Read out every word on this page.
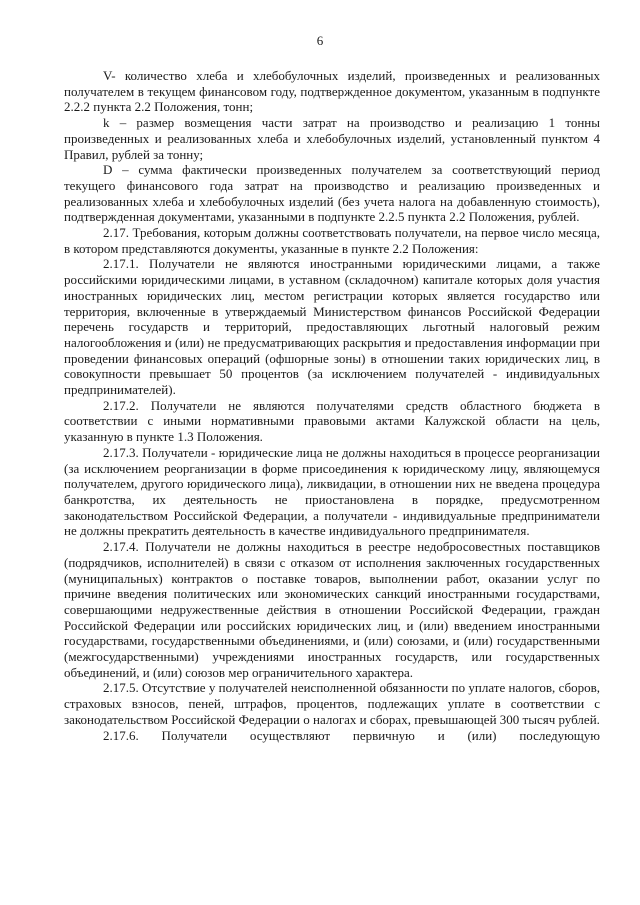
6

V- количество хлеба и хлебобулочных изделий, произведенных и реализованных получателем в текущем финансовом году, подтвержденное документом, указанным в подпункте 2.2.2 пункта 2.2 Положения, тонн;

k – размер возмещения части затрат на производство и реализацию 1 тонны произведенных и реализованных хлеба и хлебобулочных изделий, установленный пунктом 4 Правил, рублей за тонну;

D – сумма фактически произведенных получателем за соответствующий период текущего финансового года затрат на производство и реализацию произведенных и реализованных хлеба и хлебобулочных изделий (без учета налога на добавленную стоимость), подтвержденная документами, указанными в подпункте 2.2.5 пункта 2.2 Положения, рублей.

2.17. Требования, которым должны соответствовать получатели, на первое число месяца, в котором представляются документы, указанные в пункте 2.2 Положения:

2.17.1. Получатели не являются иностранными юридическими лицами, а также российскими юридическими лицами, в уставном (складочном) капитале которых доля участия иностранных юридических лиц, местом регистрации которых является государство или территория, включенные в утверждаемый Министерством финансов Российской Федерации перечень государств и территорий, предоставляющих льготный налоговый режим налогообложения и (или) не предусматривающих раскрытия и предоставления информации при проведении финансовых операций (офшорные зоны) в отношении таких юридических лиц, в совокупности превышает 50 процентов (за исключением получателей - индивидуальных предпринимателей).

2.17.2. Получатели не являются получателями средств областного бюджета в соответствии с иными нормативными правовыми актами Калужской области на цель, указанную в пункте 1.3 Положения.

2.17.3. Получатели - юридические лица не должны находиться в процессе реорганизации (за исключением реорганизации в форме присоединения к юридическому лицу, являющемуся получателем, другого юридического лица), ликвидации, в отношении них не введена процедура банкротства, их деятельность не приостановлена в порядке, предусмотренном законодательством Российской Федерации, а получатели - индивидуальные предприниматели не должны прекратить деятельность в качестве индивидуального предпринимателя.

2.17.4. Получатели не должны находиться в реестре недобросовестных поставщиков (подрядчиков, исполнителей) в связи с отказом от исполнения заключенных государственных (муниципальных) контрактов о поставке товаров, выполнении работ, оказании услуг по причине введения политических или экономических санкций иностранными государствами, совершающими недружественные действия в отношении Российской Федерации, граждан Российской Федерации или российских юридических лиц, и (или) введением иностранными государствами, государственными объединениями, и (или) союзами, и (или) государственными (межгосударственными) учреждениями иностранных государств, или государственных объединений, и (или) союзов мер ограничительного характера.

2.17.5. Отсутствие у получателей неисполненной обязанности по уплате налогов, сборов, страховых взносов, пеней, штрафов, процентов, подлежащих уплате в соответствии с законодательством Российской Федерации о налогах и сборах, превышающей 300 тысяч рублей.

2.17.6. Получатели осуществляют первичную и (или) последующую
